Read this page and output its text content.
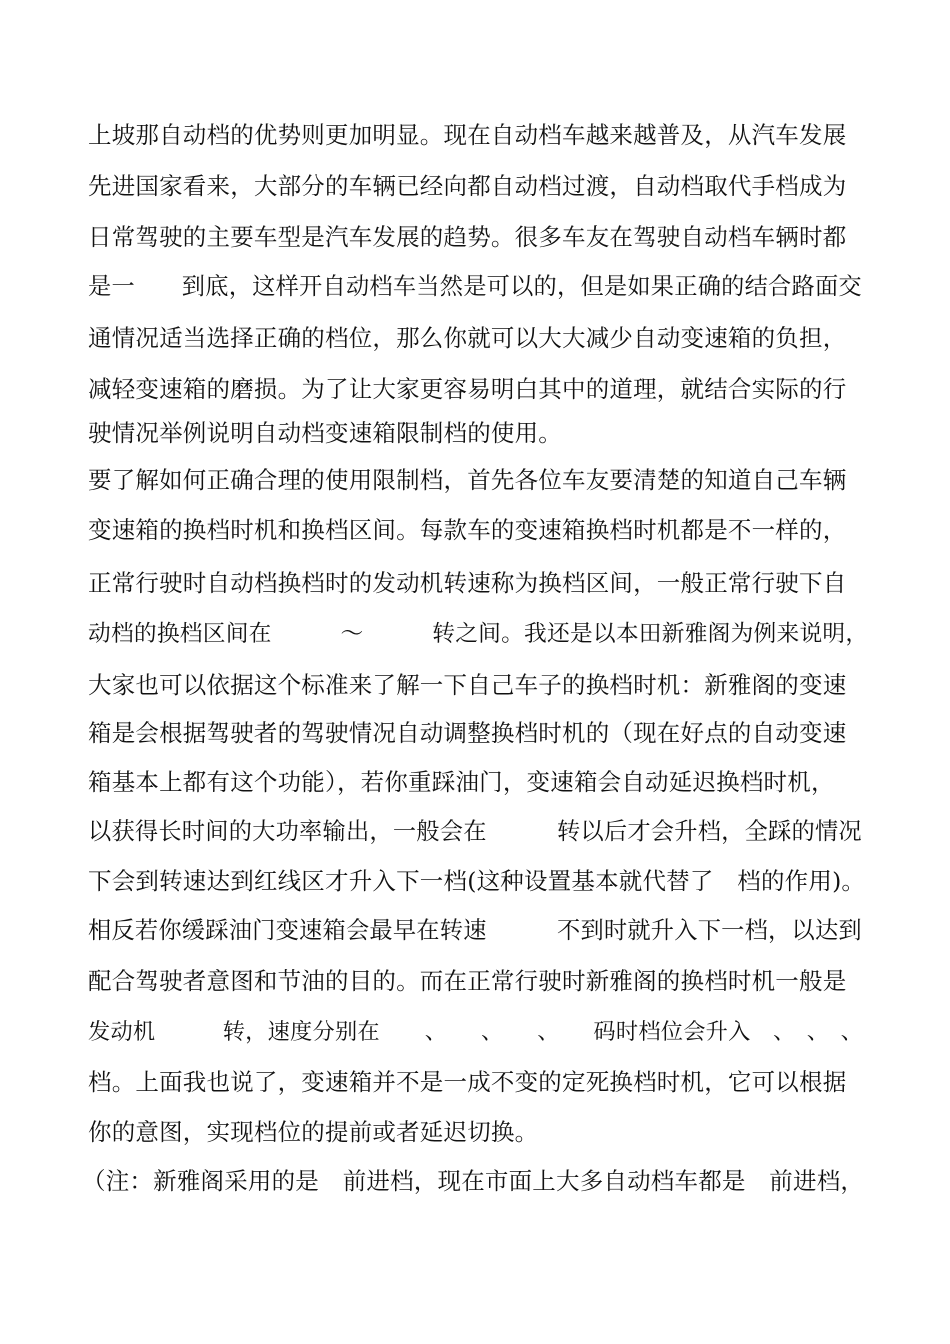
上坡那自动档的优势则更加明显。现在自动档车越来越普及，从汽车发展
先进国家看来，大部分的车辆已经向都自动档过渡，自动档取代手档成为
日常驾驶的主要车型是汽车发展的趋势。很多车友在驾驶自动档车辆时都
是一　　到底，这样开自动档车当然是可以的，但是如果正确的结合路面交
通情况适当选择正确的档位，那么你就可以大大减少自动变速箱的负担，
减轻变速箱的磨损。为了让大家更容易明白其中的道理，就结合实际的行
驶情况举例说明自动档变速箱限制档的使用。
要了解如何正确合理的使用限制档，首先各位车友要清楚的知道自己车辆
变速箱的换档时机和换档区间。每款车的变速箱换档时机都是不一样的，
正常行驶时自动档换档时的发动机转速称为换档区间，一般正常行驶下自
动档的换档区间在　　　～　　　转之间。我还是以本田新雅阁为例来说明，
大家也可以依据这个标准来了解一下自己车子的换档时机：新雅阁的变速
箱是会根据驾驶者的驾驶情况自动调整换档时机的（现在好点的自动变速
箱基本上都有这个功能），若你重踩油门，变速箱会自动延迟换档时机，
以获得长时间的大功率输出，一般会在　　　转以后才会升档，全踩的情况
下会到转速达到红线区才升入下一档(这种设置基本就代替了　档的作用)。
相反若你缓踩油门变速箱会最早在转速　　　不到时就升入下一档，以达到
配合驾驶者意图和节油的目的。而在正常行驶时新雅阁的换档时机一般是
发动机　　　转，速度分别在　　、　　、　　、　　码时档位会升入　、　、　、
档。上面我也说了，变速箱并不是一成不变的定死换档时机，它可以根据
你的意图，实现档位的提前或者延迟切换。
（注：新雅阁采用的是　前进档，现在市面上大多自动档车都是　前进档，
